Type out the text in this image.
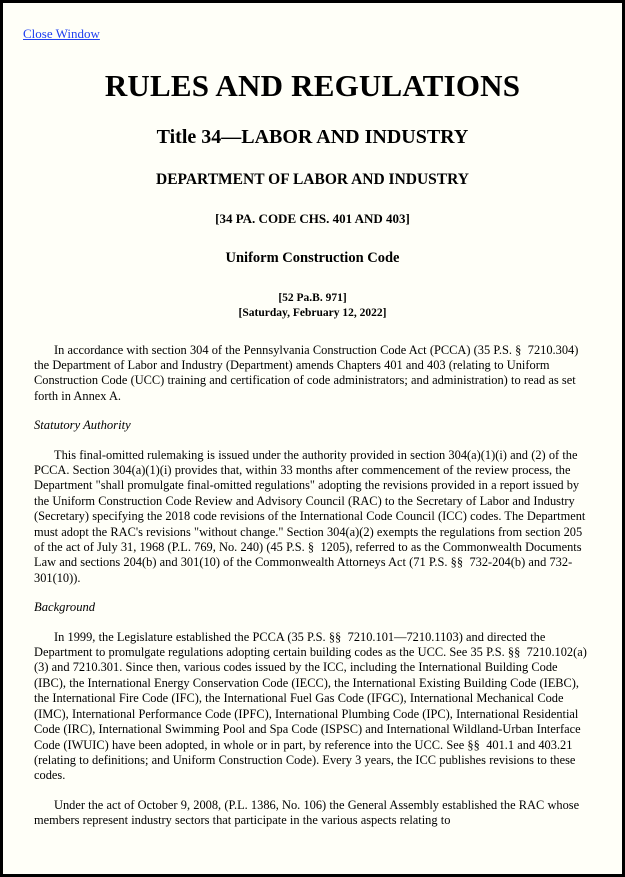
Close Window
RULES AND REGULATIONS
Title 34—LABOR AND INDUSTRY
DEPARTMENT OF LABOR AND INDUSTRY
[34 PA. CODE CHS. 401 AND 403]
Uniform Construction Code
[52 Pa.B. 971]
[Saturday, February 12, 2022]

In accordance with section 304 of the Pennsylvania Construction Code Act (PCCA) (35 P.S. §  7210.304) the Department of Labor and Industry (Department) amends Chapters 401 and 403 (relating to Uniform Construction Code (UCC) training and certification of code administrators; and administration) to read as set forth in Annex A.

Statutory Authority

This final-omitted rulemaking is issued under the authority provided in section 304(a)(1)(i) and (2) of the PCCA. Section 304(a)(1)(i) provides that, within 33 months after commencement of the review process, the Department "shall promulgate final-omitted regulations" adopting the revisions provided in a report issued by the Uniform Construction Code Review and Advisory Council (RAC) to the Secretary of Labor and Industry (Secretary) specifying the 2018 code revisions of the International Code Council (ICC) codes. The Department must adopt the RAC's revisions "without change." Section 304(a)(2) exempts the regulations from section 205 of the act of July 31, 1968 (P.L. 769, No. 240) (45 P.S. §  1205), referred to as the Commonwealth Documents Law and sections 204(b) and 301(10) of the Commonwealth Attorneys Act (71 P.S. §§  732-204(b) and 732-301(10)).

Background

In 1999, the Legislature established the PCCA (35 P.S. §§  7210.101—7210.1103) and directed the Department to promulgate regulations adopting certain building codes as the UCC. See 35 P.S. §§  7210.102(a)(3) and 7210.301. Since then, various codes issued by the ICC, including the International Building Code (IBC), the International Energy Conservation Code (IECC), the International Existing Building Code (IEBC), the International Fire Code (IFC), the International Fuel Gas Code (IFGC), International Mechanical Code (IMC), International Performance Code (IPFC), International Plumbing Code (IPC), International Residential Code (IRC), International Swimming Pool and Spa Code (ISPSC) and International Wildland-Urban Interface Code (IWUIC) have been adopted, in whole or in part, by reference into the UCC. See §§  401.1 and 403.21 (relating to definitions; and Uniform Construction Code). Every 3 years, the ICC publishes revisions to these codes.

Under the act of October 9, 2008, (P.L. 1386, No. 106) the General Assembly established the RAC whose members represent industry sectors that participate in the various aspects relating to
